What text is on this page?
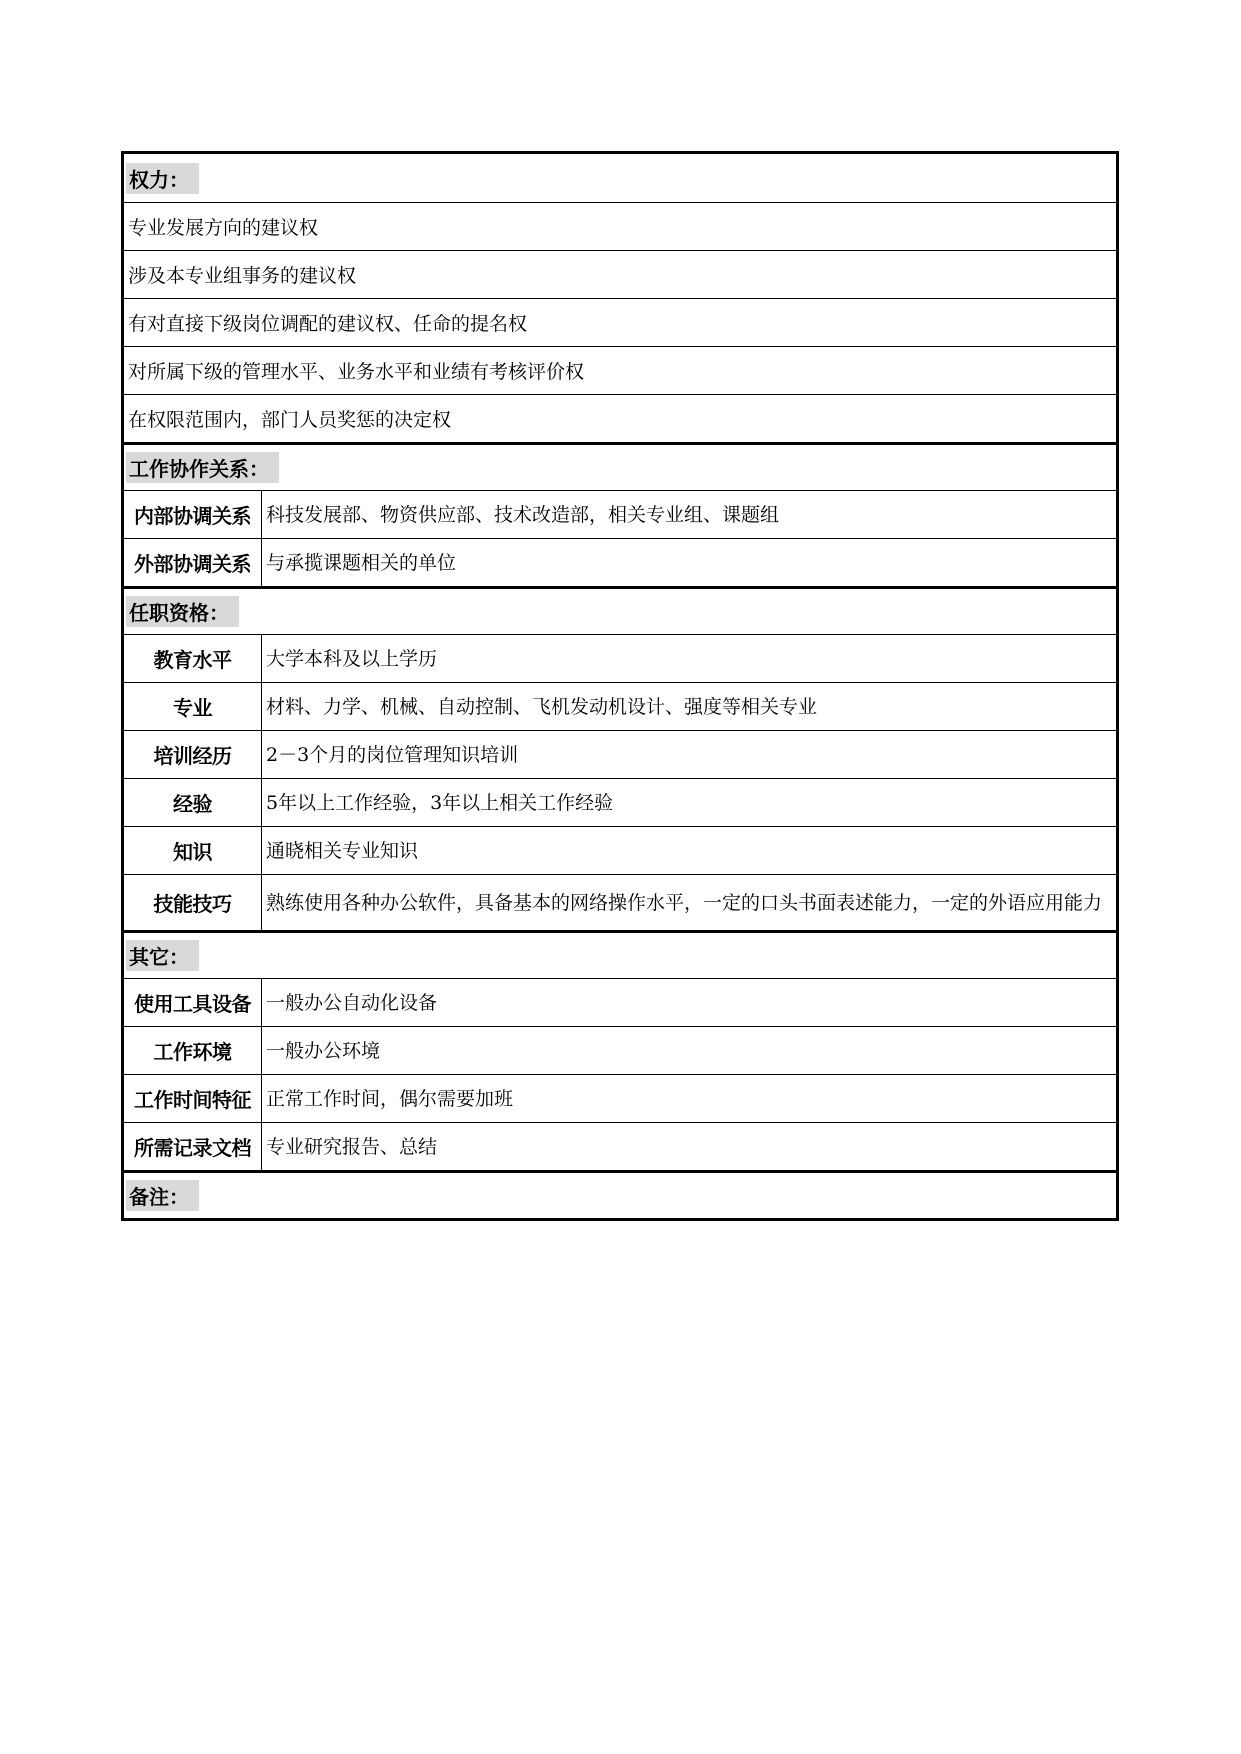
权力：
专业发展方向的建议权
涉及本专业组事务的建议权
有对直接下级岗位调配的建议权、任命的提名权
对所属下级的管理水平、业务水平和业绩有考核评价权
在权限范围内，部门人员奖惩的决定权
工作协作关系：
内部协调关系 科技发展部、物资供应部、技术改造部，相关专业组、课题组
外部协调关系 与承揽课题相关的单位
任职资格：
教育水平	大学本科及以上学历
专业	材料、力学、机械、自动控制、飞机发动机设计、强度等相关专业
培训经历	2－3个月的岗位管理知识培训
经验	5年以上工作经验，3年以上相关工作经验
知识	通晓相关专业知识
技能技巧	熟练使用各种办公软件，具备基本的网络操作水平，一定的口头书面表述能力，一定的外语应用能力
其它：
使用工具设备 一般办公自动化设备
工作环境	一般办公环境
工作时间特征 正常工作时间，偶尔需要加班
所需记录文档 专业研究报告、总结
备注：
